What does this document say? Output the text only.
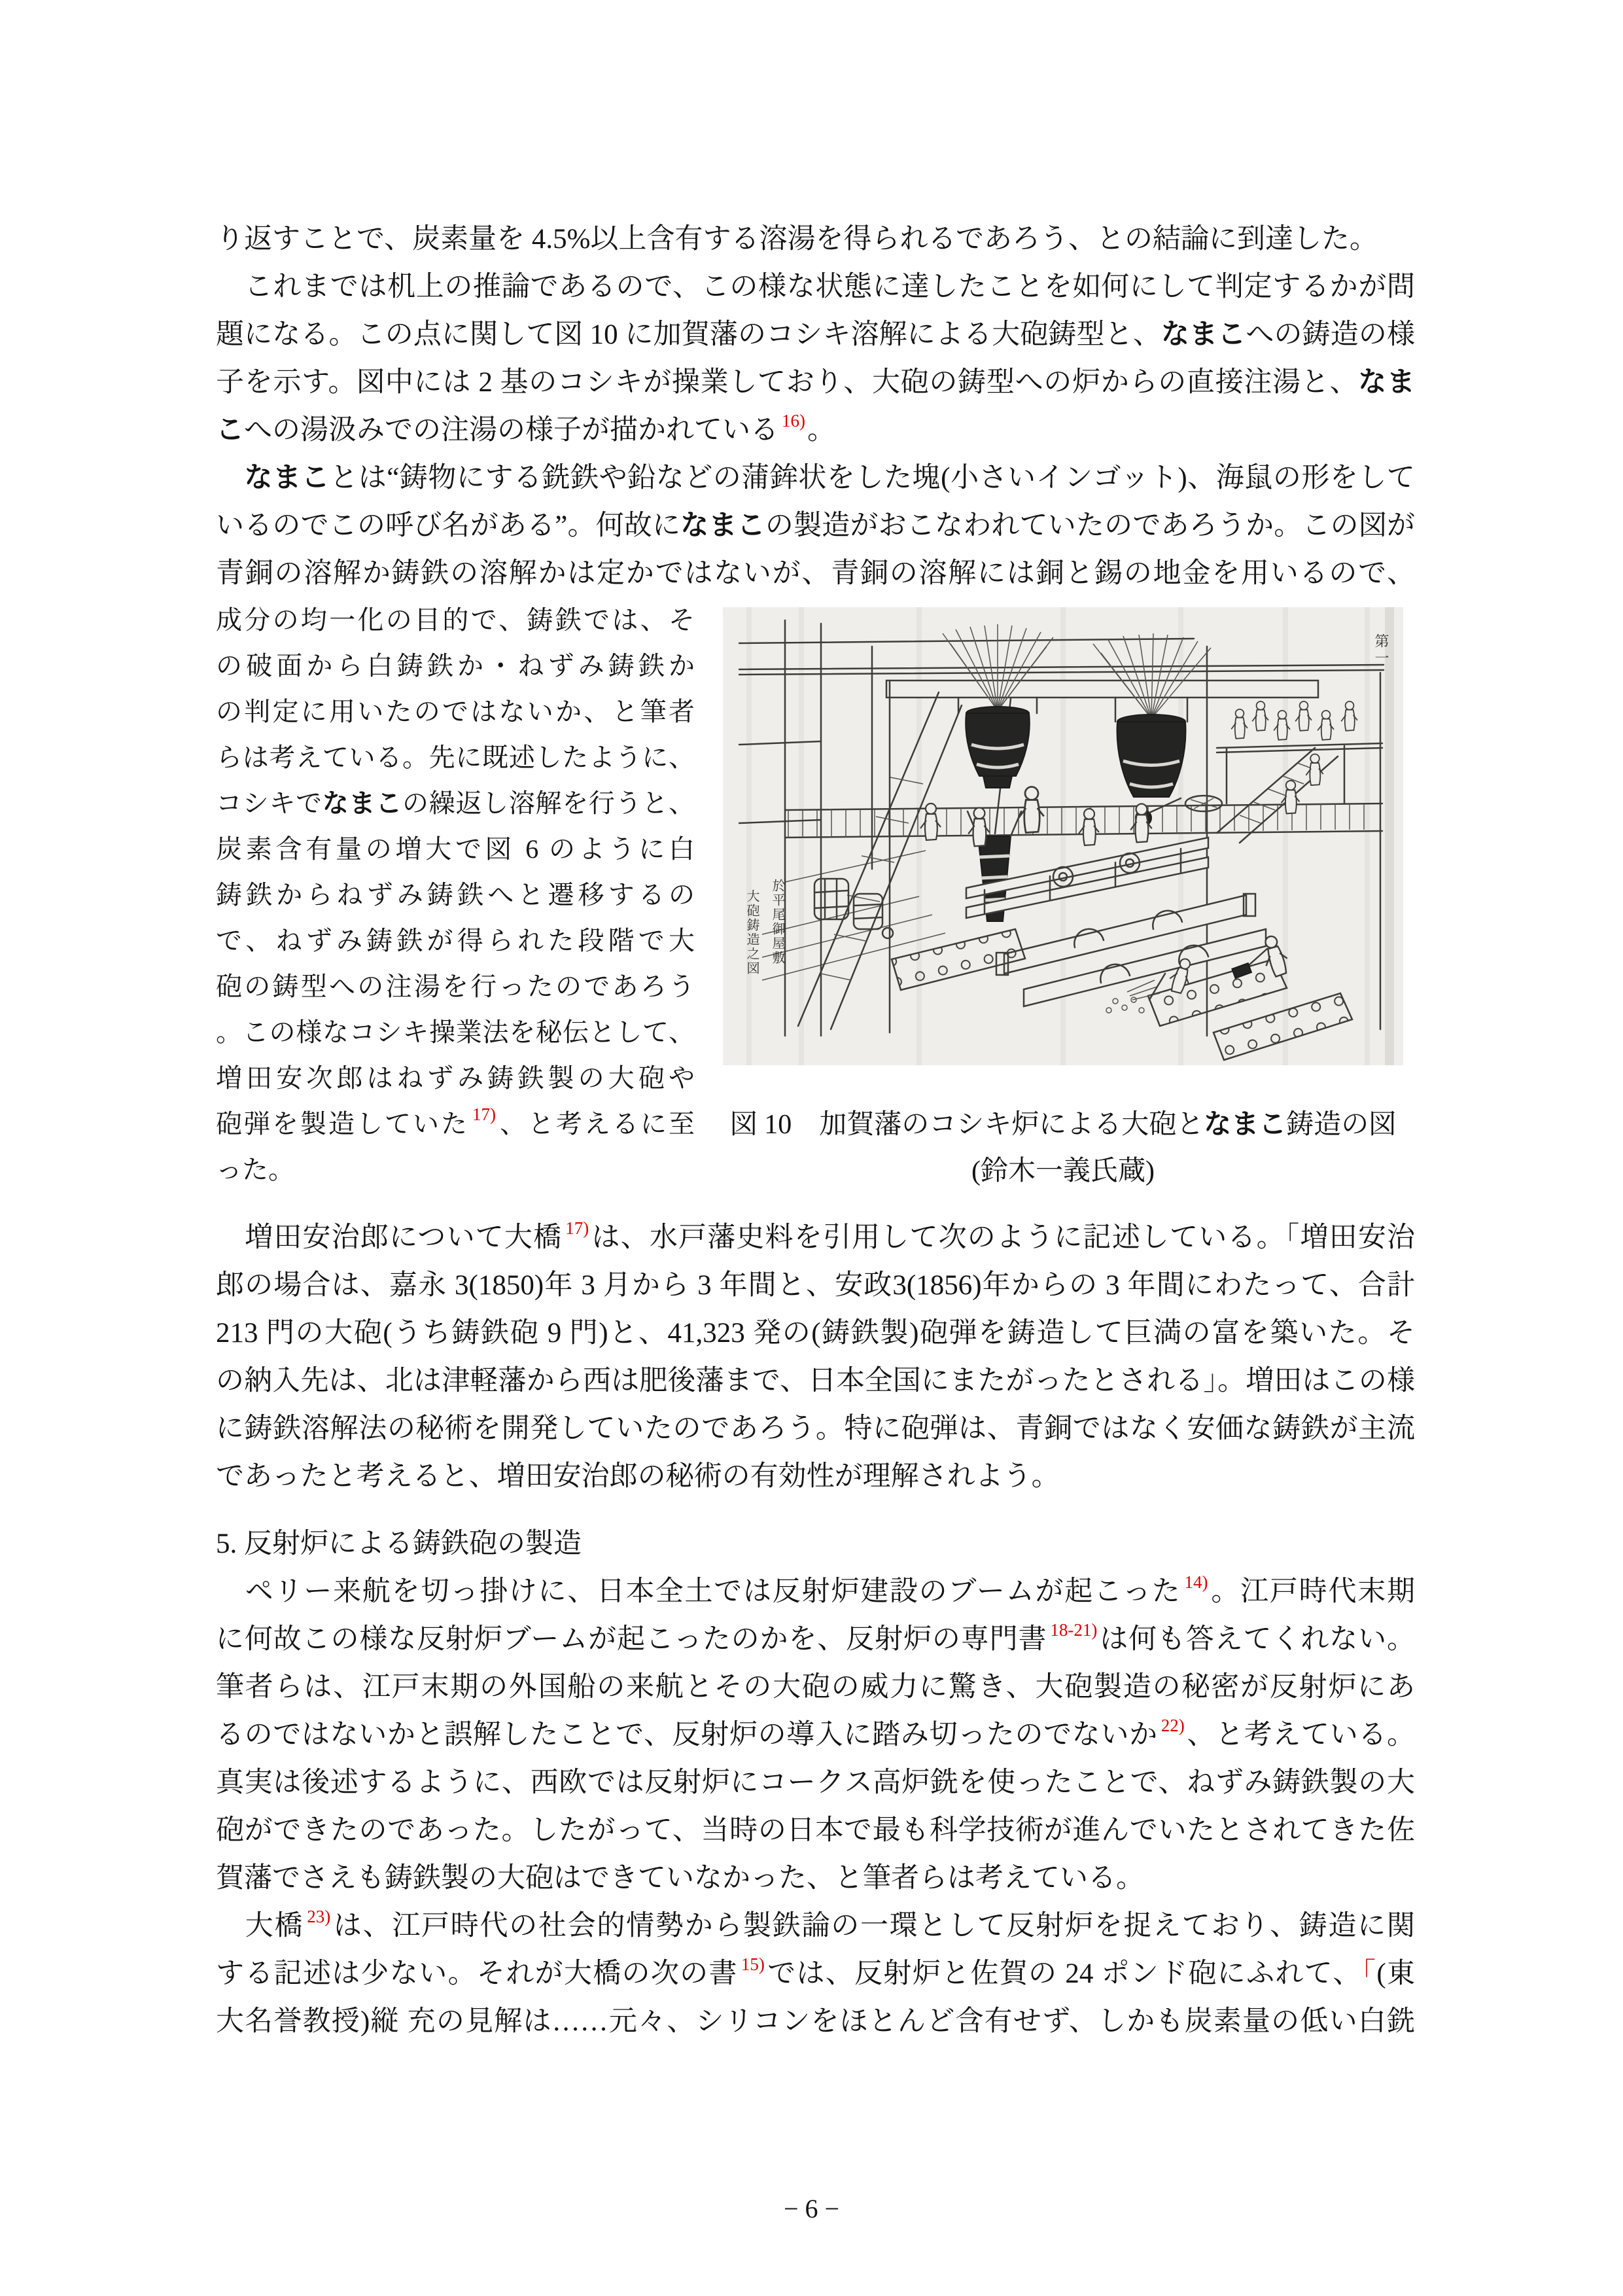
り返すことで、炭素量を 4.5%以上含有する溶湯を得られるであろう、との結論に到達した。
　これまでは机上の推論であるので、この様な状態に達したことを如何にして判定するかが問
題になる。この点に関して図 10 に加賀藩のコシキ溶解による大砲鋳型と、なまこへの鋳造の様
子を示す。図中には 2 基のコシキが操業しており、大砲の鋳型への炉からの直接注湯と、なま
こへの湯汲みでの注湯の様子が描かれている $^{16)}$。
　なまことは“鋳物にする銑鉄や鉛などの蒲鉾状をした塊(小さいインゴット)、海鼠の形をして
いるのでこの呼び名がある”。何故になまこの製造がおこなわれていたのであろうか。この図が
青銅の溶解か鋳鉄の溶解かは定かではないが、青銅の溶解には銅と錫の地金を用いるので、
成分の均一化の目的で、鋳鉄では、そ
の破面から白鋳鉄か・ねずみ鋳鉄か
の判定に用いたのではないか、と筆者
らは考えている。先に既述したように、
コシキでなまこの繰返し溶解を行うと、
炭素含有量の増大で図 6 のように白
鋳鉄からねずみ鋳鉄へと遷移するの
で、ねずみ鋳鉄が得られた段階で大
砲の鋳型への注湯を行ったのであろう
。この様なコシキ操業法を秘伝として、
増田安次郎はねずみ鋳鉄製の大砲や
砲弾を製造していた $^{17)}$、と考えるに至
った。
第一
大砲鋳造之図 於平尾御屋敷
図 10　加賀藩のコシキ炉による大砲となまこ鋳造の図
(鈴木一義氏蔵)
　増田安治郎について大橋 $^{17)}$は、水戸藩史料を引用して次のように記述している。「増田安治
郎の場合は、嘉永 3(1850)年 3 月から 3 年間と、安政3(1856)年からの 3 年間にわたって、合計
213 門の大砲(うち鋳鉄砲 9 門)と、41,323 発の(鋳鉄製)砲弾を鋳造して巨満の富を築いた。そ
の納入先は、北は津軽藩から西は肥後藩まで、日本全国にまたがったとされる」。増田はこの様
に鋳鉄溶解法の秘術を開発していたのであろう。特に砲弾は、青銅ではなく安価な鋳鉄が主流
であったと考えると、増田安治郎の秘術の有効性が理解されよう。
5. 反射炉による鋳鉄砲の製造
　ペリー来航を切っ掛けに、日本全土では反射炉建設のブームが起こった $^{14)}$。江戸時代末期
に何故この様な反射炉ブームが起こったのかを、反射炉の専門書 $^{18-21)}$は何も答えてくれない。
筆者らは、江戸末期の外国船の来航とその大砲の威力に驚き、大砲製造の秘密が反射炉にあ
るのではないかと誤解したことで、反射炉の導入に踏み切ったのでないか $^{22)}$、と考えている。
真実は後述するように、西欧では反射炉にコークス高炉銑を使ったことで、ねずみ鋳鉄製の大
砲ができたのであった。したがって、当時の日本で最も科学技術が進んでいたとされてきた佐
賀藩でさえも鋳鉄製の大砲はできていなかった、と筆者らは考えている。
　大橋 $^{23)}$は、江戸時代の社会的情勢から製鉄論の一環として反射炉を捉えており、鋳造に関
する記述は少ない。それが大橋の次の書 $^{15)}$では、反射炉と佐賀の 24 ポンド砲にふれて、「(東
大名誉教授)縦 充の見解は……元々、シリコンをほとんど含有せず、しかも炭素量の低い白銑
− 6 −
